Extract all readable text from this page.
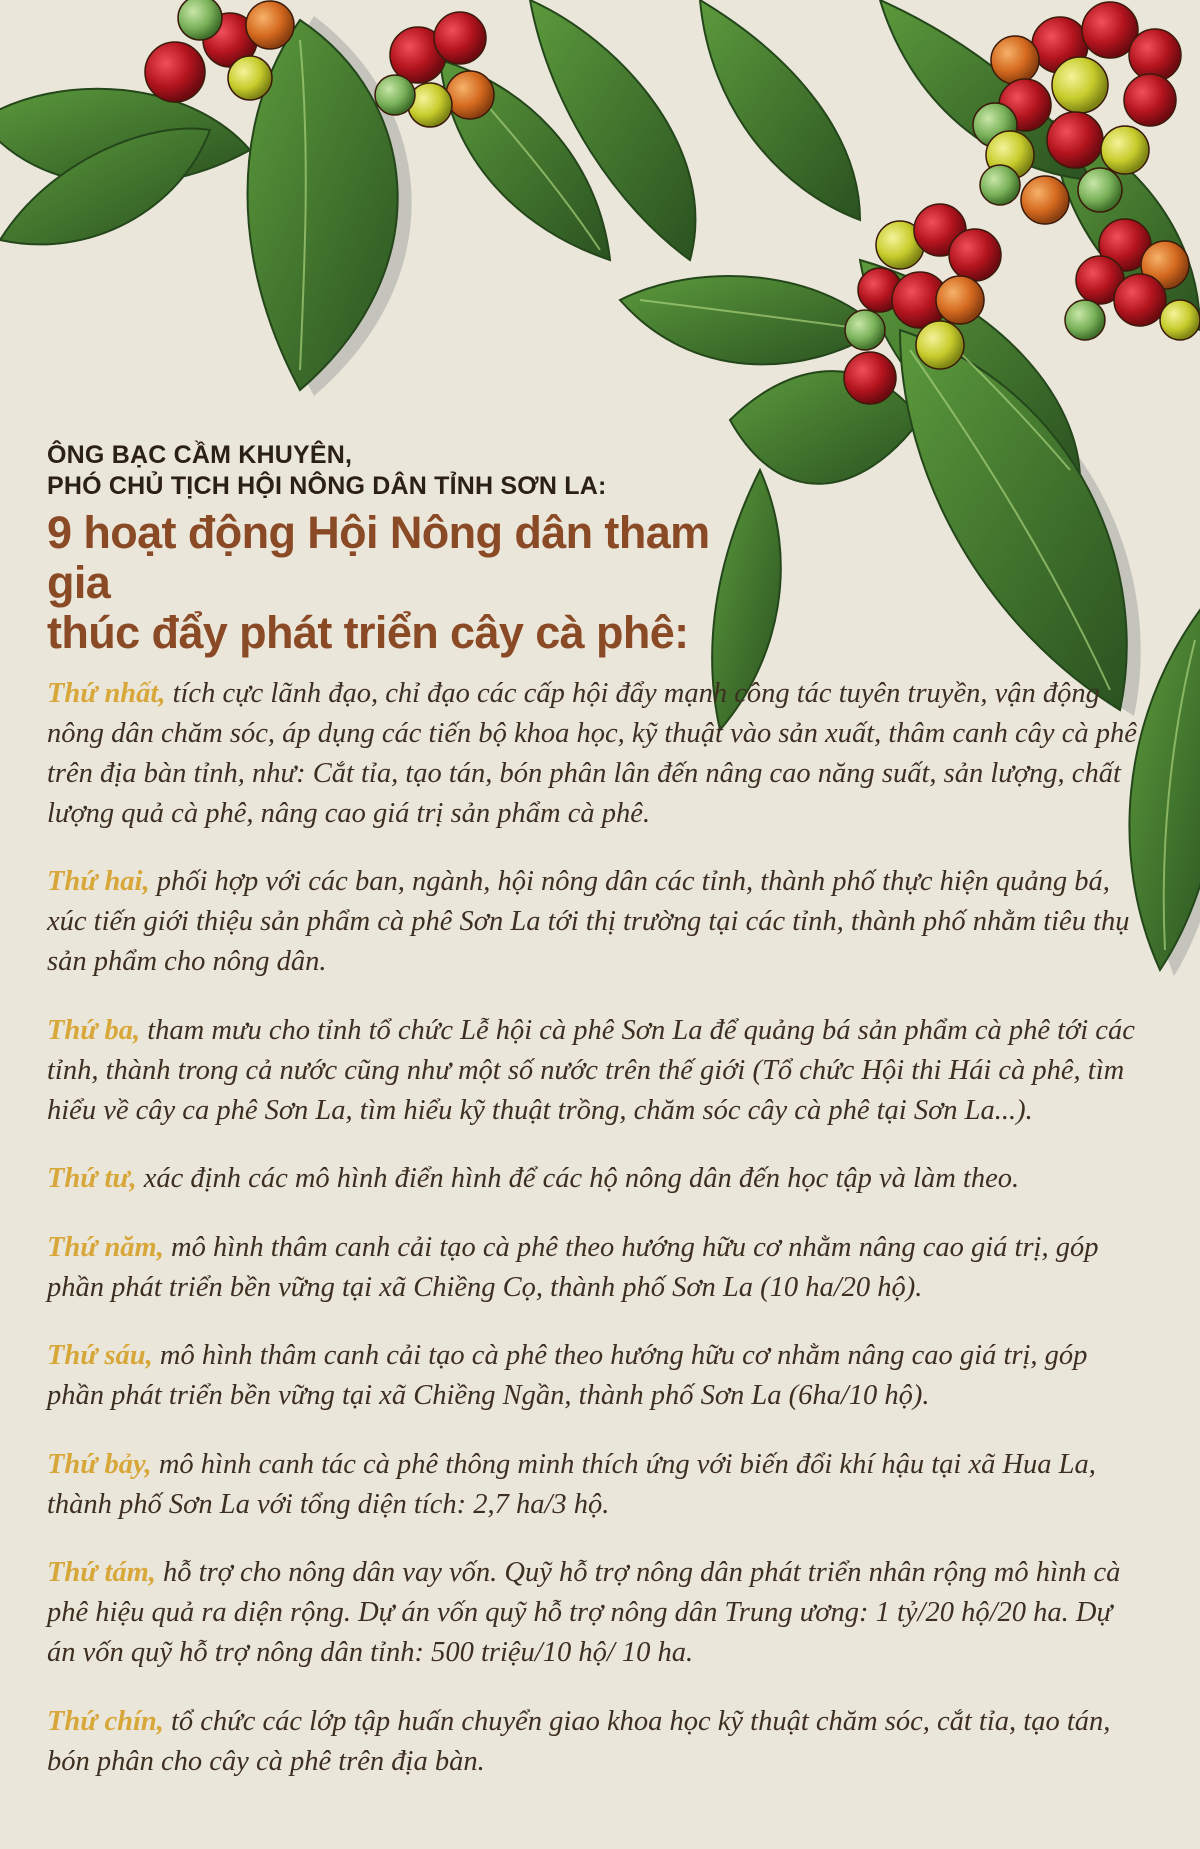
ÔNG BẠC CẦM KHUYÊN,
PHÓ CHỦ TỊCH HỘI NÔNG DÂN TỈNH SƠN LA:
9 hoạt động Hội Nông dân tham gia
thúc đẩy phát triển cây cà phê:

Thứ nhất, tích cực lãnh đạo, chỉ đạo các cấp hội đẩy mạnh công tác tuyên truyền, vận động nông dân chăm sóc, áp dụng các tiến bộ khoa học, kỹ thuật vào sản xuất, thâm canh cây cà phê trên địa bàn tỉnh, như: Cắt tỉa, tạo tán, bón phân lân đến nâng cao năng suất, sản lượng, chất lượng quả cà phê, nâng cao giá trị sản phẩm cà phê.

Thứ hai, phối hợp với các ban, ngành, hội nông dân các tỉnh, thành phố thực hiện quảng bá, xúc tiến giới thiệu sản phẩm cà phê Sơn La tới thị trường tại các tỉnh, thành phố nhằm tiêu thụ sản phẩm cho nông dân.

Thứ ba, tham mưu cho tỉnh tổ chức Lễ hội cà phê Sơn La để quảng bá sản phẩm cà phê tới các tỉnh, thành trong cả nước cũng như một số nước trên thế giới (Tổ chức Hội thi Hái cà phê, tìm hiểu về cây ca phê Sơn La, tìm hiểu kỹ thuật trồng, chăm sóc cây cà phê tại Sơn La...).

Thứ tư, xác định các mô hình điển hình để các hộ nông dân đến học tập và làm theo.

Thứ năm, mô hình thâm canh cải tạo cà phê theo hướng hữu cơ nhằm nâng cao giá trị, góp phần phát triển bền vững tại xã Chiềng Cọ, thành phố Sơn La (10 ha/20 hộ).

Thứ sáu, mô hình thâm canh cải tạo cà phê theo hướng hữu cơ nhằm nâng cao giá trị, góp phần phát triển bền vững tại xã Chiềng Ngần, thành phố Sơn La (6ha/10 hộ).

Thứ bảy, mô hình canh tác cà phê thông minh thích ứng với biến đổi khí hậu tại xã Hua La, thành phố Sơn La với tổng diện tích: 2,7 ha/3 hộ.

Thứ tám, hỗ trợ cho nông dân vay vốn. Quỹ hỗ trợ nông dân phát triển nhân rộng mô hình cà phê hiệu quả ra diện rộng. Dự án vốn quỹ hỗ trợ nông dân Trung ương: 1 tỷ/20 hộ/20 ha. Dự án vốn quỹ hỗ trợ nông dân tỉnh: 500 triệu/10 hộ/ 10 ha.

Thứ chín, tổ chức các lớp tập huấn chuyển giao khoa học kỹ thuật chăm sóc, cắt tỉa, tạo tán, bón phân cho cây cà phê trên địa bàn.
